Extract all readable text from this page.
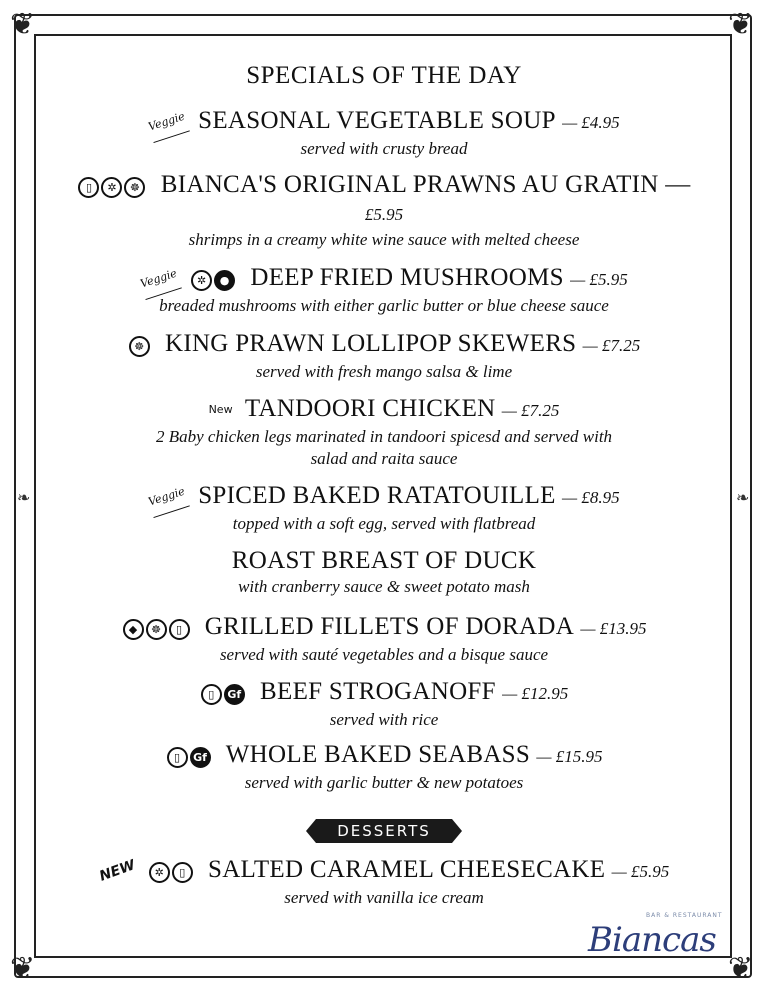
❦	❦
❦	❦
❧	❧
SPECIALS OF THE DAY
Veggie SEASONAL VEGETABLE SOUP — £4.95
served with crusty bread
▯ ✲ ☸ BIANCA'S ORIGINAL PRAWNS AU GRATIN —
£5.95
shrimps in a creamy white wine sauce with melted cheese
Veggie ✲ ● DEEP FRIED MUSHROOMS — £5.95
breaded mushrooms with either garlic butter or blue cheese sauce
☸ KING PRAWN LOLLIPOP SKEWERS — £7.25
served with fresh mango salsa & lime
New TANDOORI CHICKEN — £7.25
2 Baby chicken legs marinated in tandoori spicesd and served with
salad and raita sauce
Veggie SPICED BAKED RATATOUILLE — £8.95
topped with a soft egg, served with flatbread
ROAST BREAST OF DUCK
with cranberry sauce & sweet potato mash
◆ ☸ ▯ GRILLED FILLETS OF DORADA — £13.95
served with sauté vegetables and a bisque sauce
▯ Gf BEEF STROGANOFF — £12.95
served with rice
▯ Gf WHOLE BAKED SEABASS — £15.95
served with garlic butter & new potatoes
DESSERTS
NEW ✲ ▯ SALTED CARAMEL CHEESECAKE — £5.95
served with vanilla ice cream
BAR & RESTAURANT
Biancas
